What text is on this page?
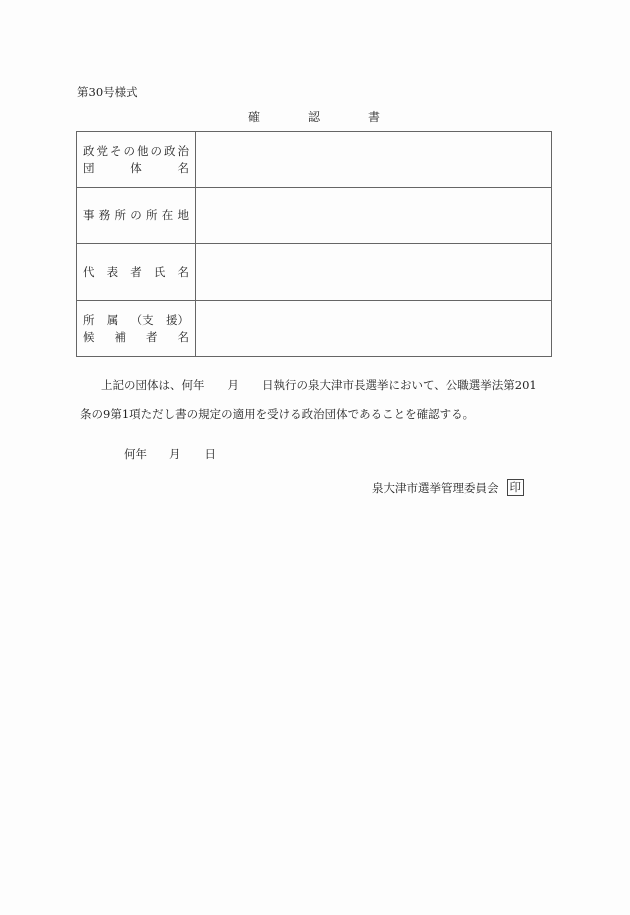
第30号様式
確	認	書
政 党 そ の 他 の 政 治
団	体	名

事 務 所 の 所 在 地

代 表 者 氏 名	

所 属 （支 援）
候 補 者 名

上記の団体は、何年　　月　　日執行の泉大津市長選挙において、公職選挙法第201
条の9第1項ただし書の規定の適用を受ける政治団体であることを確認する。
何年 月 日
泉大津市選挙管理委員会 印
